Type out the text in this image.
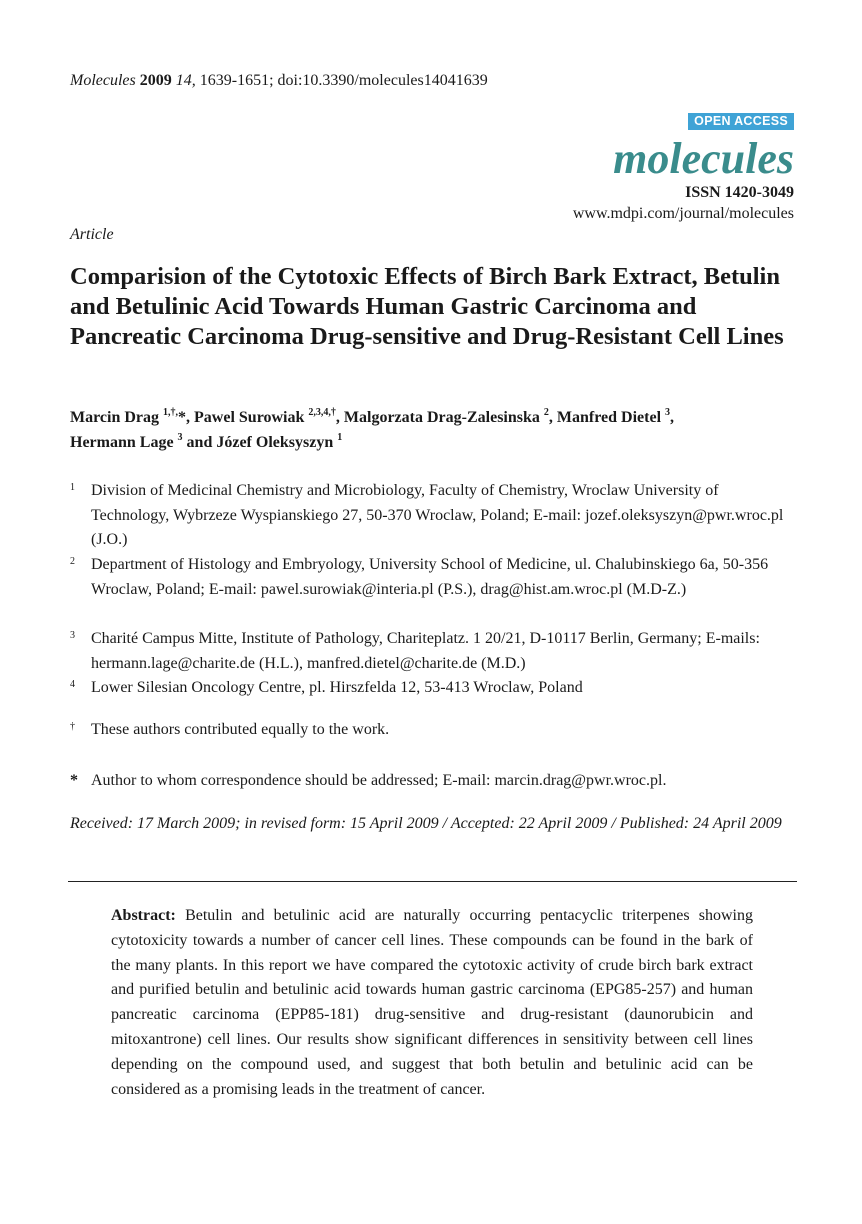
Molecules 2009 14, 1639-1651; doi:10.3390/molecules14041639
OPEN ACCESS
molecules
ISSN 1420-3049
www.mdpi.com/journal/molecules
Article
Comparision of the Cytotoxic Effects of Birch Bark Extract, Betulin and Betulinic Acid Towards Human Gastric Carcinoma and Pancreatic Carcinoma Drug-sensitive and Drug-Resistant Cell Lines
Marcin Drag $^{1,\dagger,}$*, Pawel Surowiak $^{2,3,4,\dagger}$, Malgorzata Drag-Zalesinska $^2$, Manfred Dietel $^3$,
Hermann Lage $^3$ and Józef Oleksyszyn $^1$
1	Division of Medicinal Chemistry and Microbiology, Faculty of Chemistry, Wroclaw University of Technology, Wybrzeze Wyspianskiego 27, 50-370 Wroclaw, Poland; E-mail: jozef.oleksyszyn@pwr.wroc.pl (J.O.)
2	Department of Histology and Embryology, University School of Medicine, ul. Chalubinskiego 6a, 50-356 Wroclaw, Poland; E-mail: pawel.surowiak@interia.pl (P.S.), drag@hist.am.wroc.pl (M.D-Z.)
3	Charité Campus Mitte, Institute of Pathology, Chariteplatz. 1 20/21, D-10117 Berlin, Germany; E-mails: hermann.lage@charite.de (H.L.), manfred.dietel@charite.de (M.D.)
4	Lower Silesian Oncology Centre, pl. Hirszfelda 12, 53-413 Wroclaw, Poland
†	These authors contributed equally to the work.
* Author to whom correspondence should be addressed; E-mail: marcin.drag@pwr.wroc.pl.
Received: 17 March 2009; in revised form: 15 April 2009 / Accepted: 22 April 2009 / Published: 24 April 2009
Abstract: Betulin and betulinic acid are naturally occurring pentacyclic triterpenes showing cytotoxicity towards a number of cancer cell lines. These compounds can be found in the bark of the many plants. In this report we have compared the cytotoxic activity of crude birch bark extract and purified betulin and betulinic acid towards human gastric carcinoma (EPG85-257) and human pancreatic carcinoma (EPP85-181) drug-sensitive and drug-resistant (daunorubicin and mitoxantrone) cell lines. Our results show significant differences in sensitivity between cell lines depending on the compound used, and suggest that both betulin and betulinic acid can be considered as a promising leads in the treatment of cancer.
